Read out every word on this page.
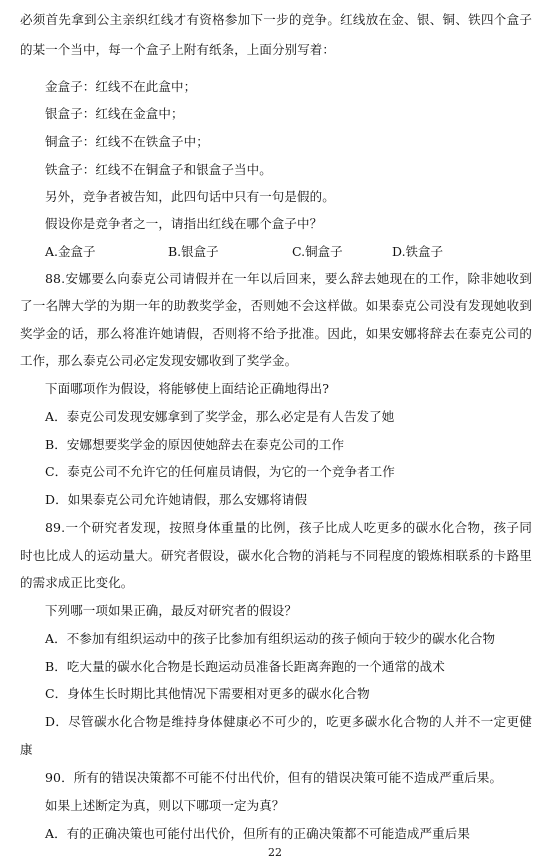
必须首先拿到公主亲织红线才有资格参加下一步的竞争。红线放在金、银、铜、铁四个盒子
的某一个当中，每一个盒子上附有纸条，上面分别写着：
金盒子：红线不在此盒中；
银盒子：红线在金盒中；
铜盒子：红线不在铁盒子中；
铁盒子：红线不在铜盒子和银盒子当中。
另外，竞争者被告知，此四句话中只有一句是假的。
假设你是竞争者之一，请指出红线在哪个盒子中？
A.金盒子	B.银盒子	C.铜盒子	D.铁盒子
88.安娜要么向泰克公司请假并在一年以后回来，要么辞去她现在的工作，除非她收到
了一名牌大学的为期一年的助教奖学金，否则她不会这样做。如果泰克公司没有发现她收到
奖学金的话，那么将准许她请假，否则将不给予批准。因此，如果安娜将辞去在泰克公司的
工作，那么泰克公司必定发现安娜收到了奖学金。
下面哪项作为假设，将能够使上面结论正确地得出?
A．泰克公司发现安娜拿到了奖学金，那么必定是有人告发了她
B．安娜想要奖学金的原因使她辞去在泰克公司的工作
C．泰克公司不允许它的任何雇员请假，为它的一个竞争者工作
D．如果泰克公司允许她请假，那么安娜将请假
89.一个研究者发现，按照身体重量的比例，孩子比成人吃更多的碳水化合物，孩子同
时也比成人的运动量大。研究者假设，碳水化合物的消耗与不同程度的锻炼相联系的卡路里
的需求成正比变化。
下列哪一项如果正确，最反对研究者的假设？
A．不参加有组织运动中的孩子比参加有组织运动的孩子倾向于较少的碳水化合物
B．吃大量的碳水化合物是长跑运动员准备长距离奔跑的一个通常的战术
C．身体生长时期比其他情况下需要相对更多的碳水化合物
D．尽管碳水化合物是维持身体健康必不可少的，吃更多碳水化合物的人并不一定更健
康
90．所有的错误决策都不可能不付出代价，但有的错误决策可能不造成严重后果。
如果上述断定为真，则以下哪项一定为真？
A．有的正确决策也可能付出代价，但所有的正确决策都不可能造成严重后果
22
